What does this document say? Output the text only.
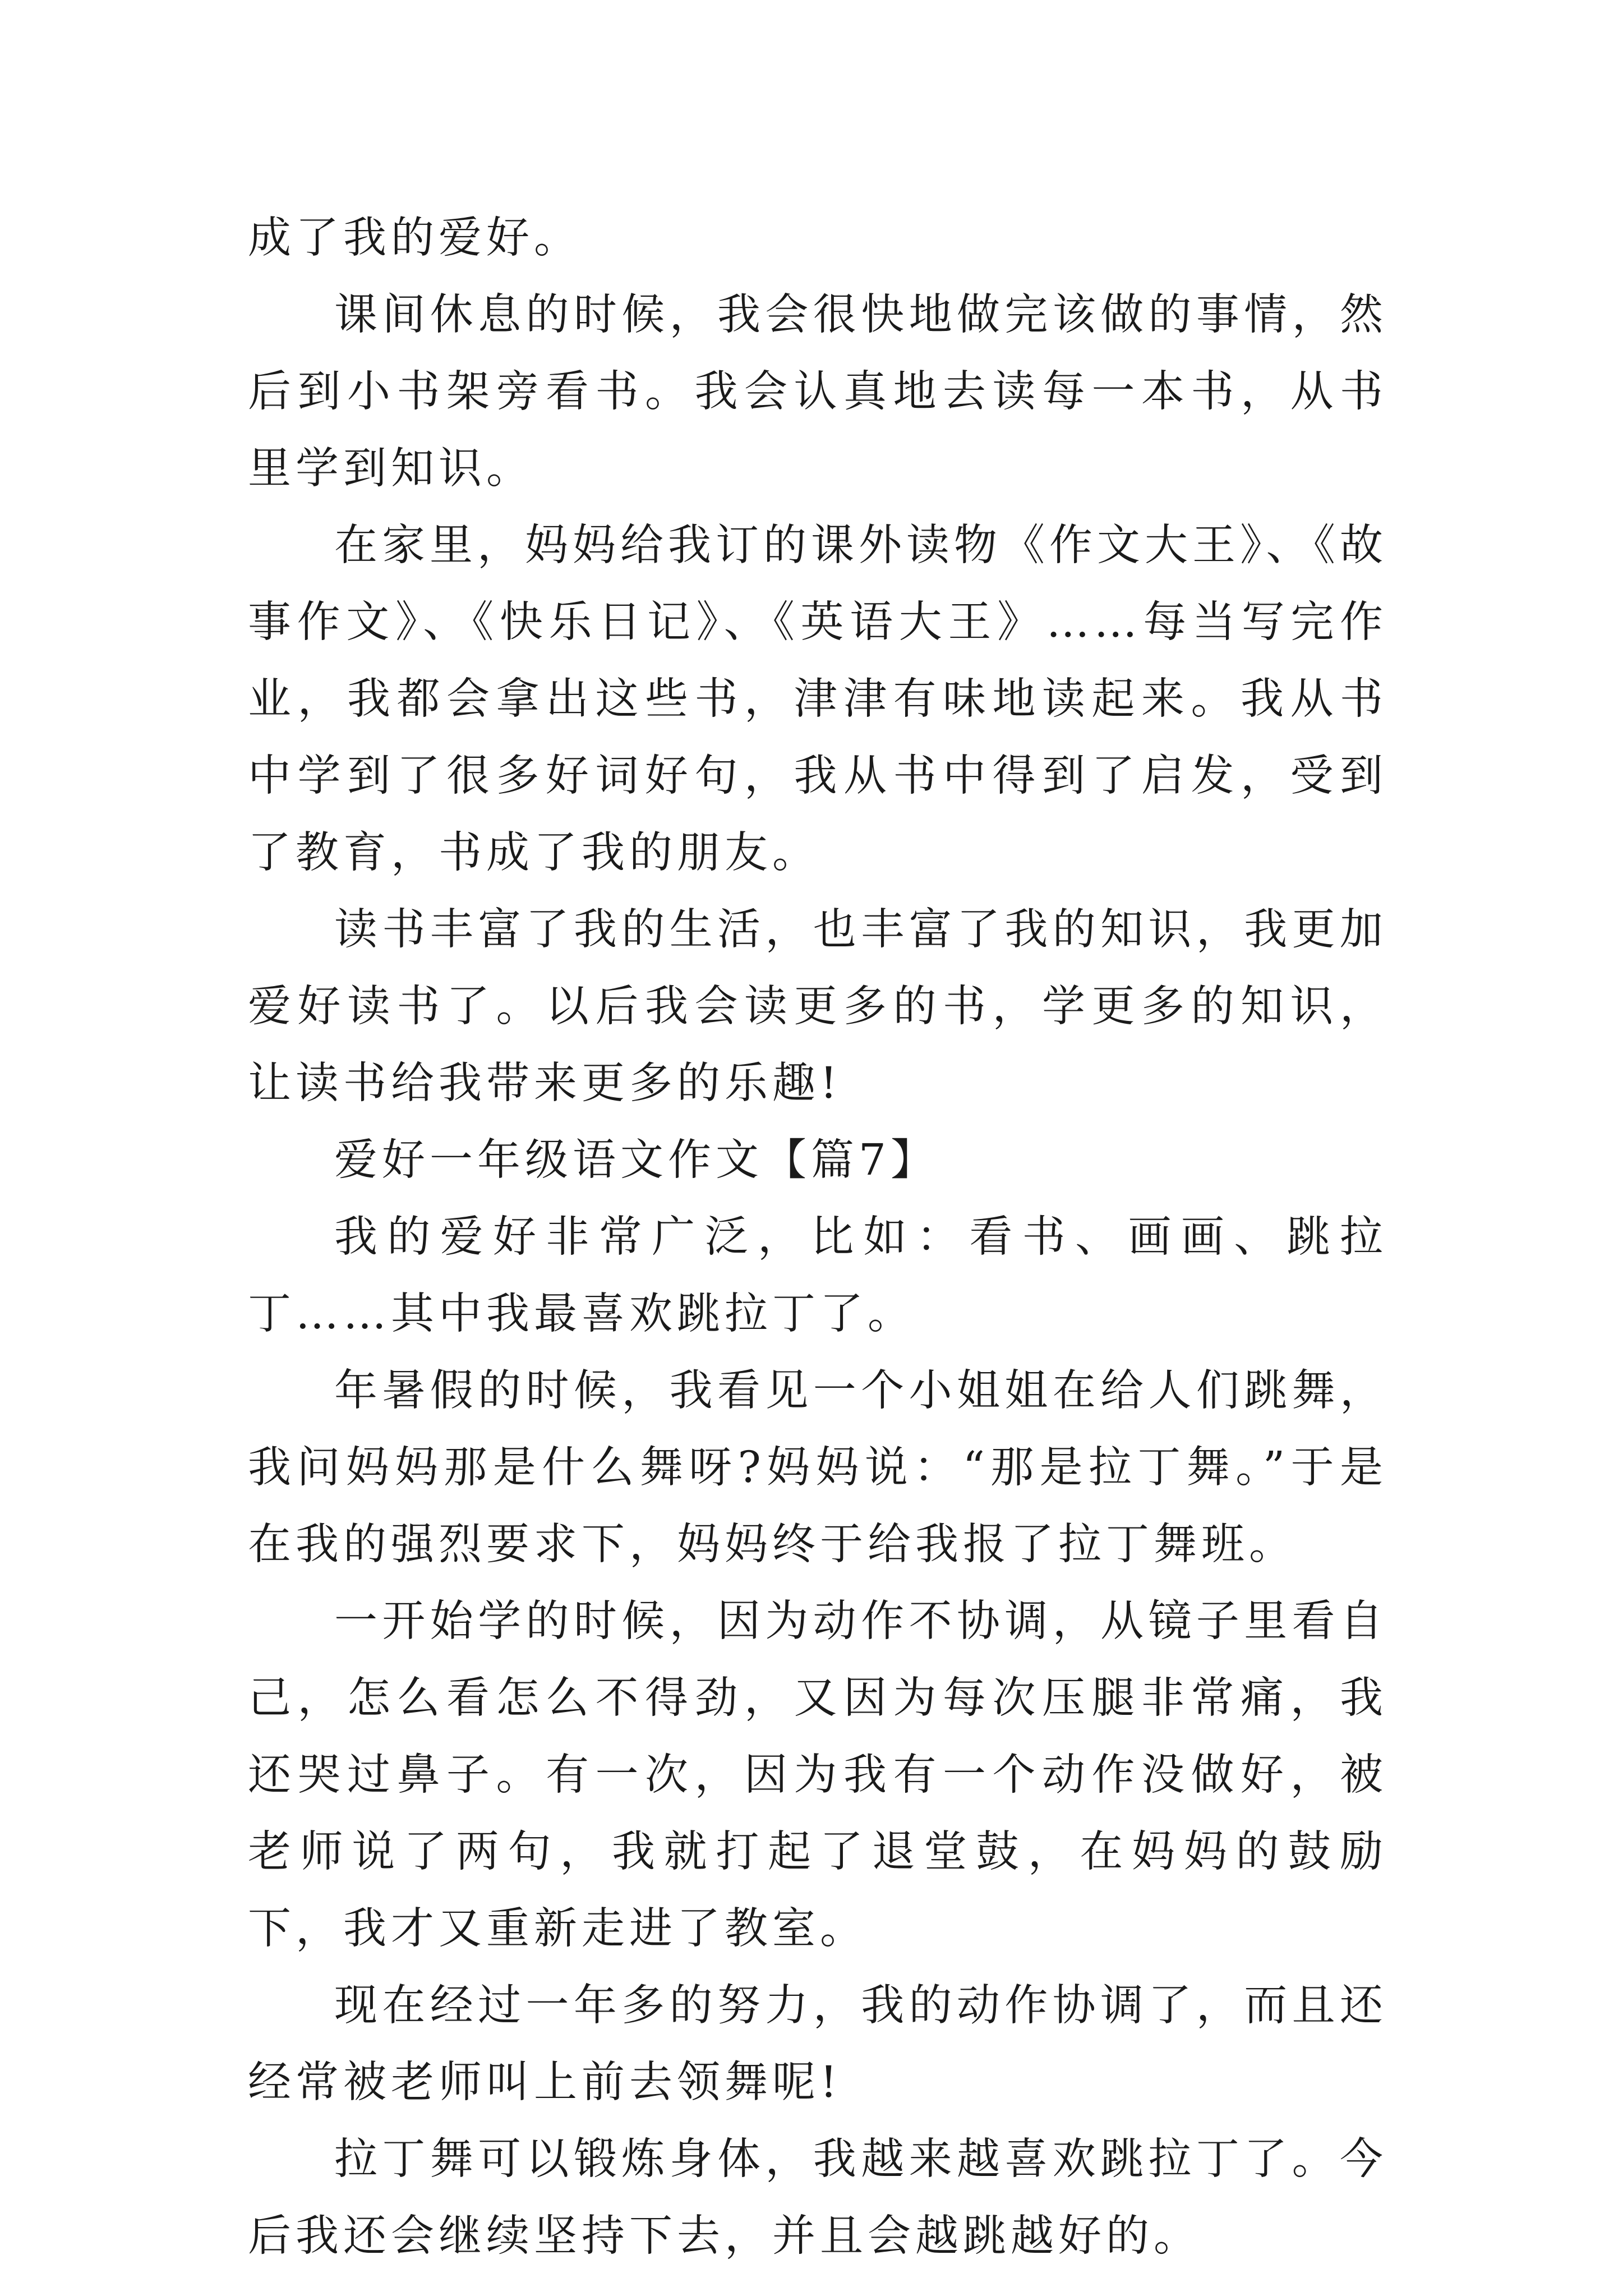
成了我的爱好。

课间休息的时候，我会很快地做完该做的事情，然后到小书架旁看书。我会认真地去读每一本书，从书里学到知识。

在家里，妈妈给我订的课外读物《作文大王》、《故事作文》、《快乐日记》、《英语大王》……每当写完作业，我都会拿出这些书，津津有味地读起来。我从书中学到了很多好词好句，我从书中得到了启发，受到了教育，书成了我的朋友。

读书丰富了我的生活，也丰富了我的知识，我更加爱好读书了。以后我会读更多的书，学更多的知识，让读书给我带来更多的乐趣!

爱好一年级语文作文【篇7】

我的爱好非常广泛，比如：看书、画画、跳拉丁……其中我最喜欢跳拉丁了。

年暑假的时候，我看见一个小姐姐在给人们跳舞，我问妈妈那是什么舞呀?妈妈说：“那是拉丁舞。”于是在我的强烈要求下，妈妈终于给我报了拉丁舞班。

一开始学的时候，因为动作不协调，从镜子里看自己，怎么看怎么不得劲，又因为每次压腿非常痛，我还哭过鼻子。有一次，因为我有一个动作没做好，被老师说了两句，我就打起了退堂鼓，在妈妈的鼓励下，我才又重新走进了教室。

现在经过一年多的努力，我的动作协调了，而且还经常被老师叫上前去领舞呢!

拉丁舞可以锻炼身体，我越来越喜欢跳拉丁了。今后我还会继续坚持下去，并且会越跳越好的。
